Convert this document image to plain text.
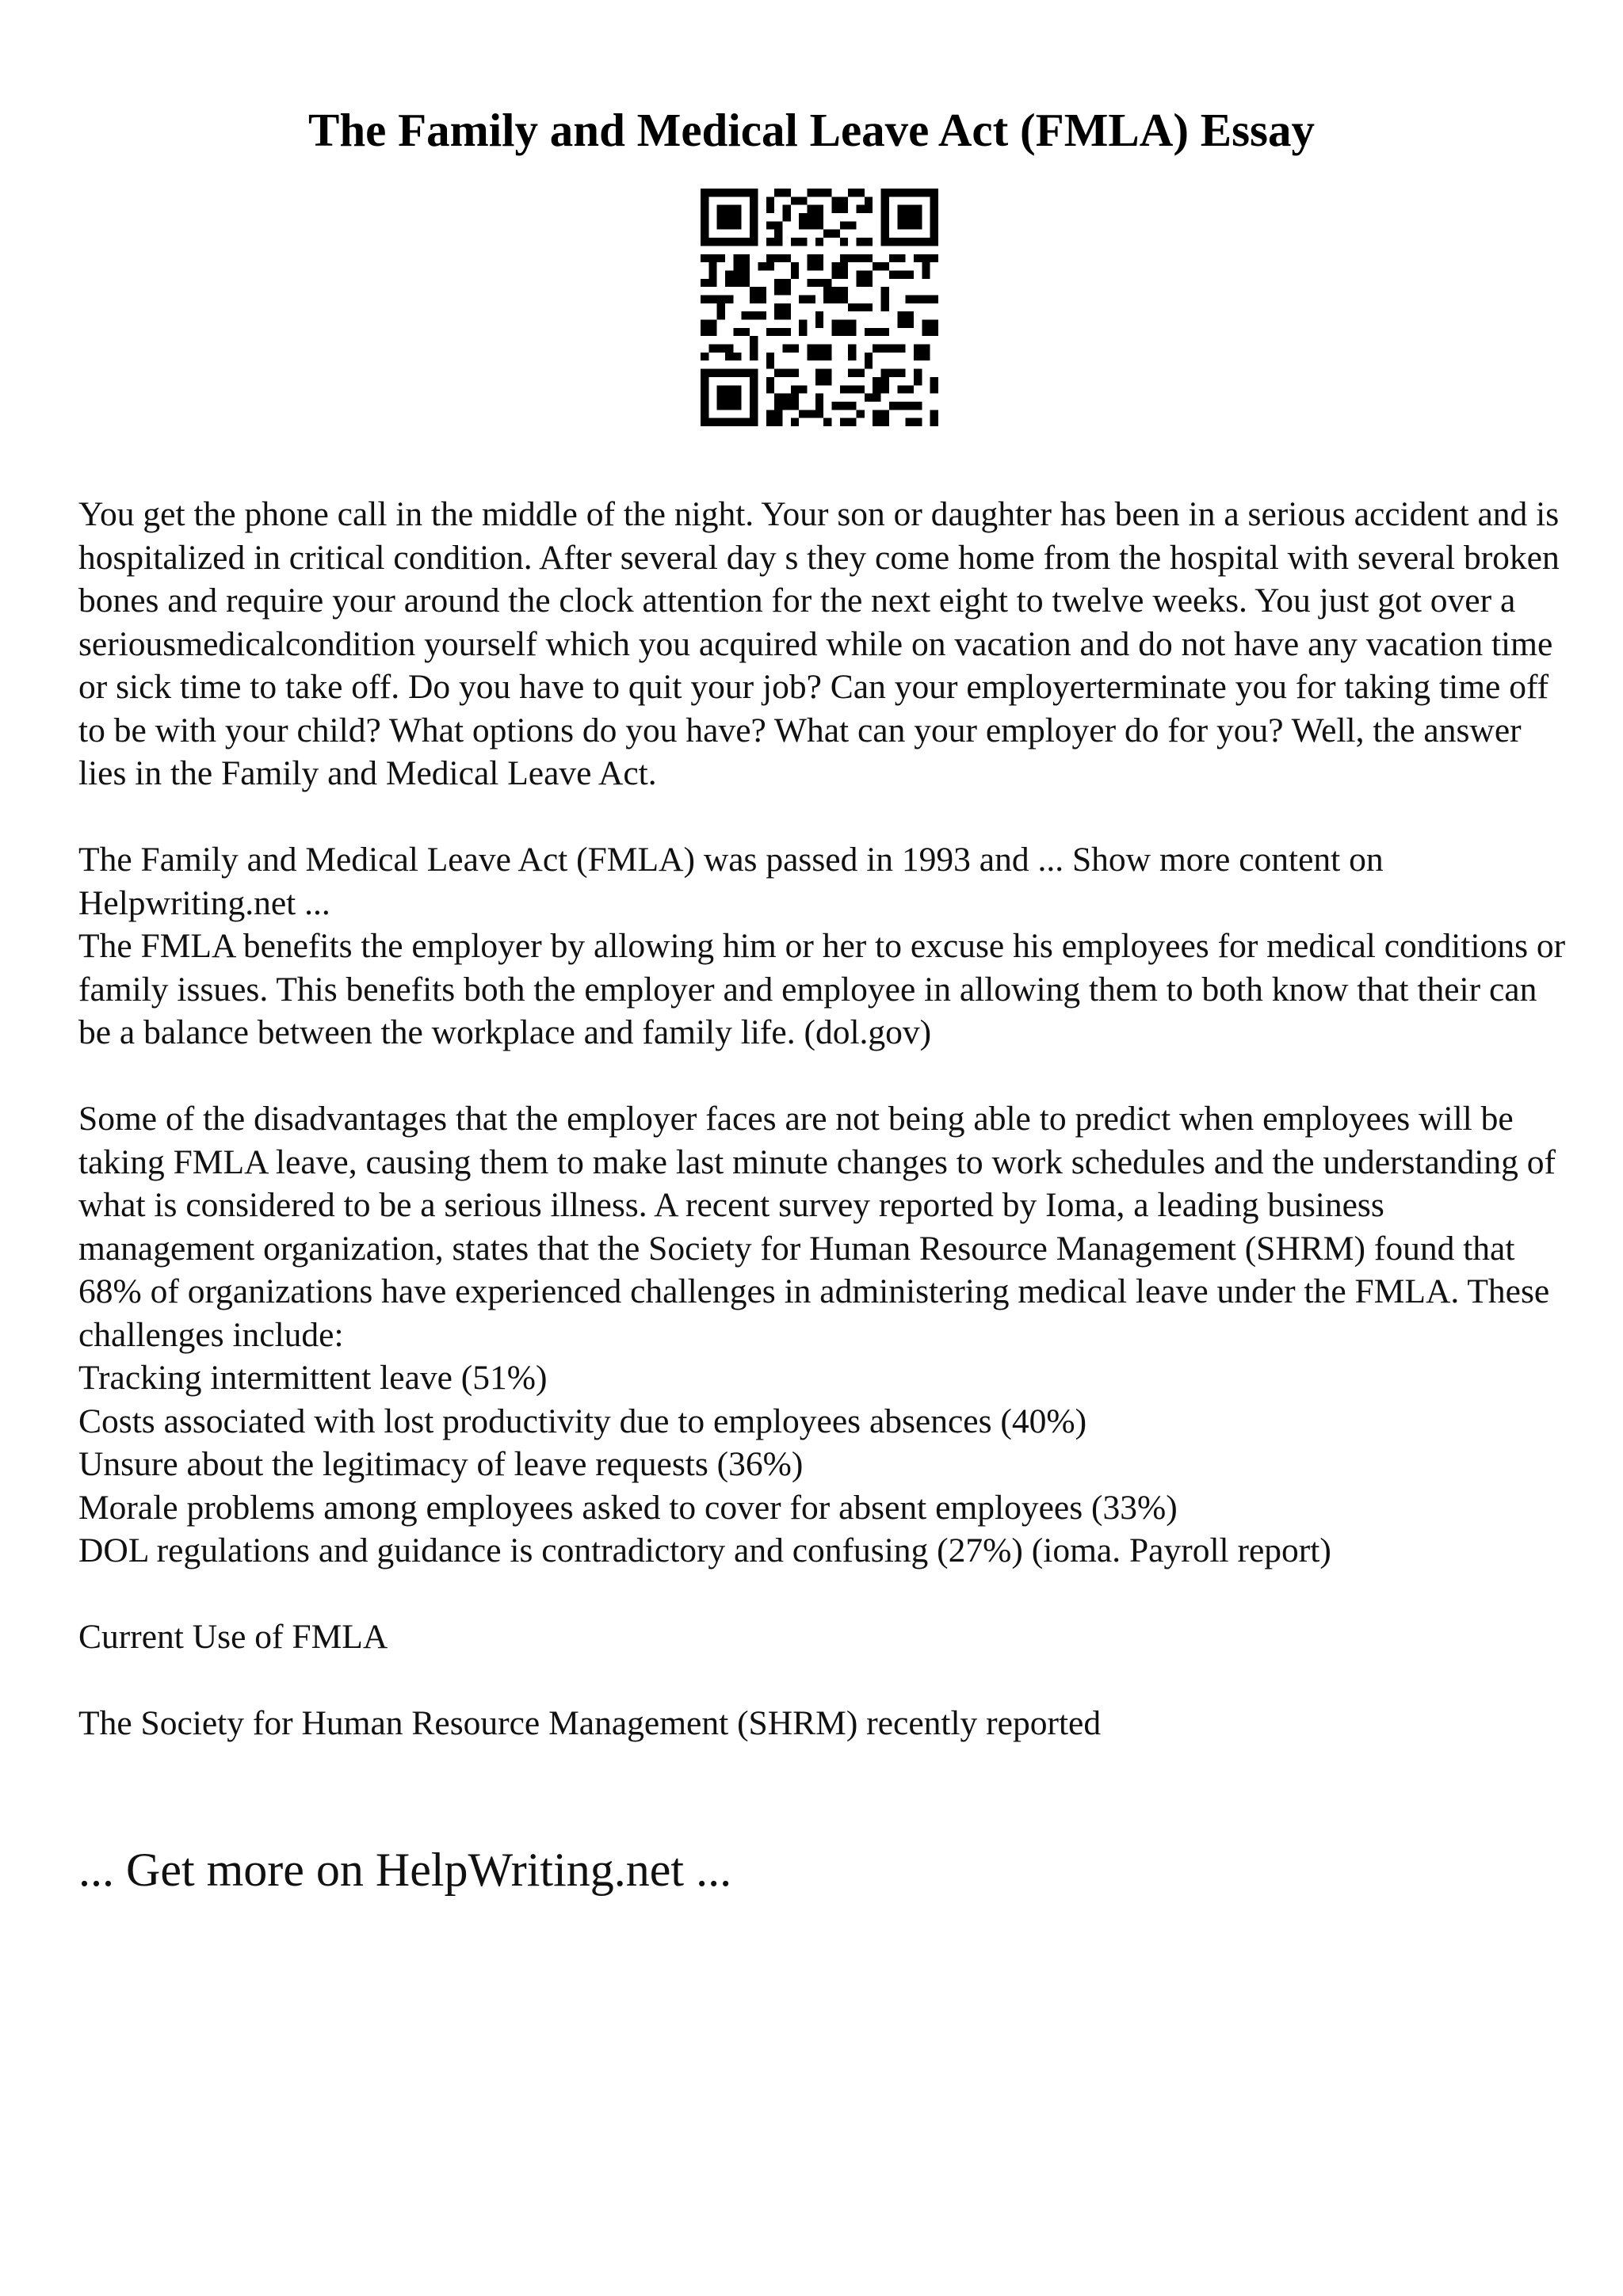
The Family and Medical Leave Act (FMLA) Essay

You get the phone call in the middle of the night. Your son or daughter has been in a serious accident and is hospitalized in critical condition. After several day s they come home from the hospital with several broken bones and require your around the clock attention for the next eight to twelve weeks. You just got over a seriousmedicalcondition yourself which you acquired while on vacation and do not have any vacation time or sick time to take off. Do you have to quit your job? Can your employerterminate you for taking time off to be with your child? What options do you have? What can your employer do for you? Well, the answer lies in the Family and Medical Leave Act.

The Family and Medical Leave Act (FMLA) was passed in 1993 and ... Show more content on Helpwriting.net ...

The FMLA benefits the employer by allowing him or her to excuse his employees for medical conditions or family issues. This benefits both the employer and employee in allowing them to both know that their can be a balance between the workplace and family life. (dol.gov)

Some of the disadvantages that the employer faces are not being able to predict when employees will be taking FMLA leave, causing them to make last minute changes to work schedules and the understanding of what is considered to be a serious illness. A recent survey reported by Ioma, a leading business management organization, states that the Society for Human Resource Management (SHRM) found that 68% of organizations have experienced challenges in administering medical leave under the FMLA. These challenges include:

Tracking intermittent leave (51%)

Costs associated with lost productivity due to employees absences (40%)

Unsure about the legitimacy of leave requests (36%)

Morale problems among employees asked to cover for absent employees (33%)

DOL regulations and guidance is contradictory and confusing (27%) (ioma. Payroll report)

Current Use of FMLA

The Society for Human Resource Management (SHRM) recently reported

... Get more on HelpWriting.net ...
